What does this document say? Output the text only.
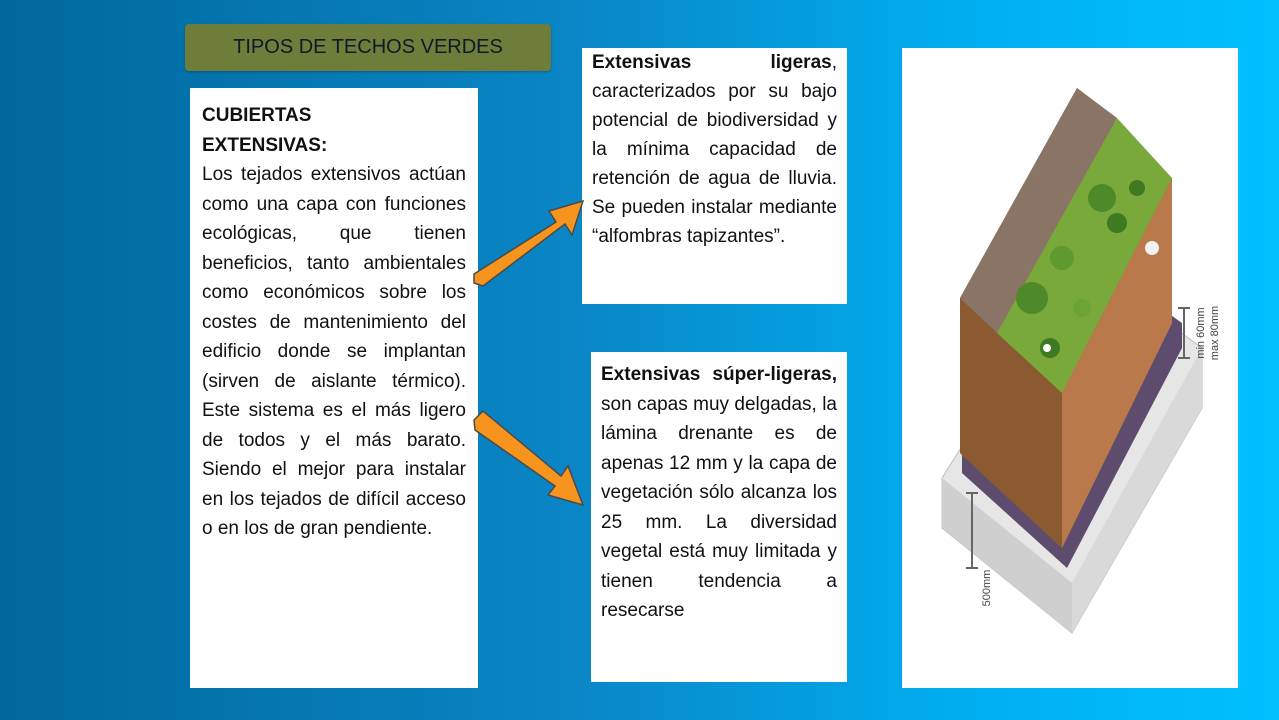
TIPOS DE TECHOS VERDES
CUBIERTAS
EXTENSIVAS:
Los tejados extensivos actúan como una capa con funciones ecológicas, que tienen beneficios, tanto ambientales como económicos sobre los costes de mantenimiento del edificio donde se implantan (sirven de aislante térmico). Este sistema es el más ligero de todos y el más barato. Siendo el mejor para instalar en los tejados de difícil acceso o en los de gran pendiente.
Extensivas ligeras, caracterizados por su bajo potencial de biodiversidad y la mínima capacidad de retención de agua de lluvia. Se pueden instalar mediante “alfombras tapizantes”.
Extensivas súper-ligeras, son capas muy delgadas, la lámina drenante es de apenas 12 mm y la capa de vegetación sólo alcanza los 25 mm. La diversidad vegetal está muy limitada y tienen tendencia a resecarse
min 60mm max 80mm
500mm
